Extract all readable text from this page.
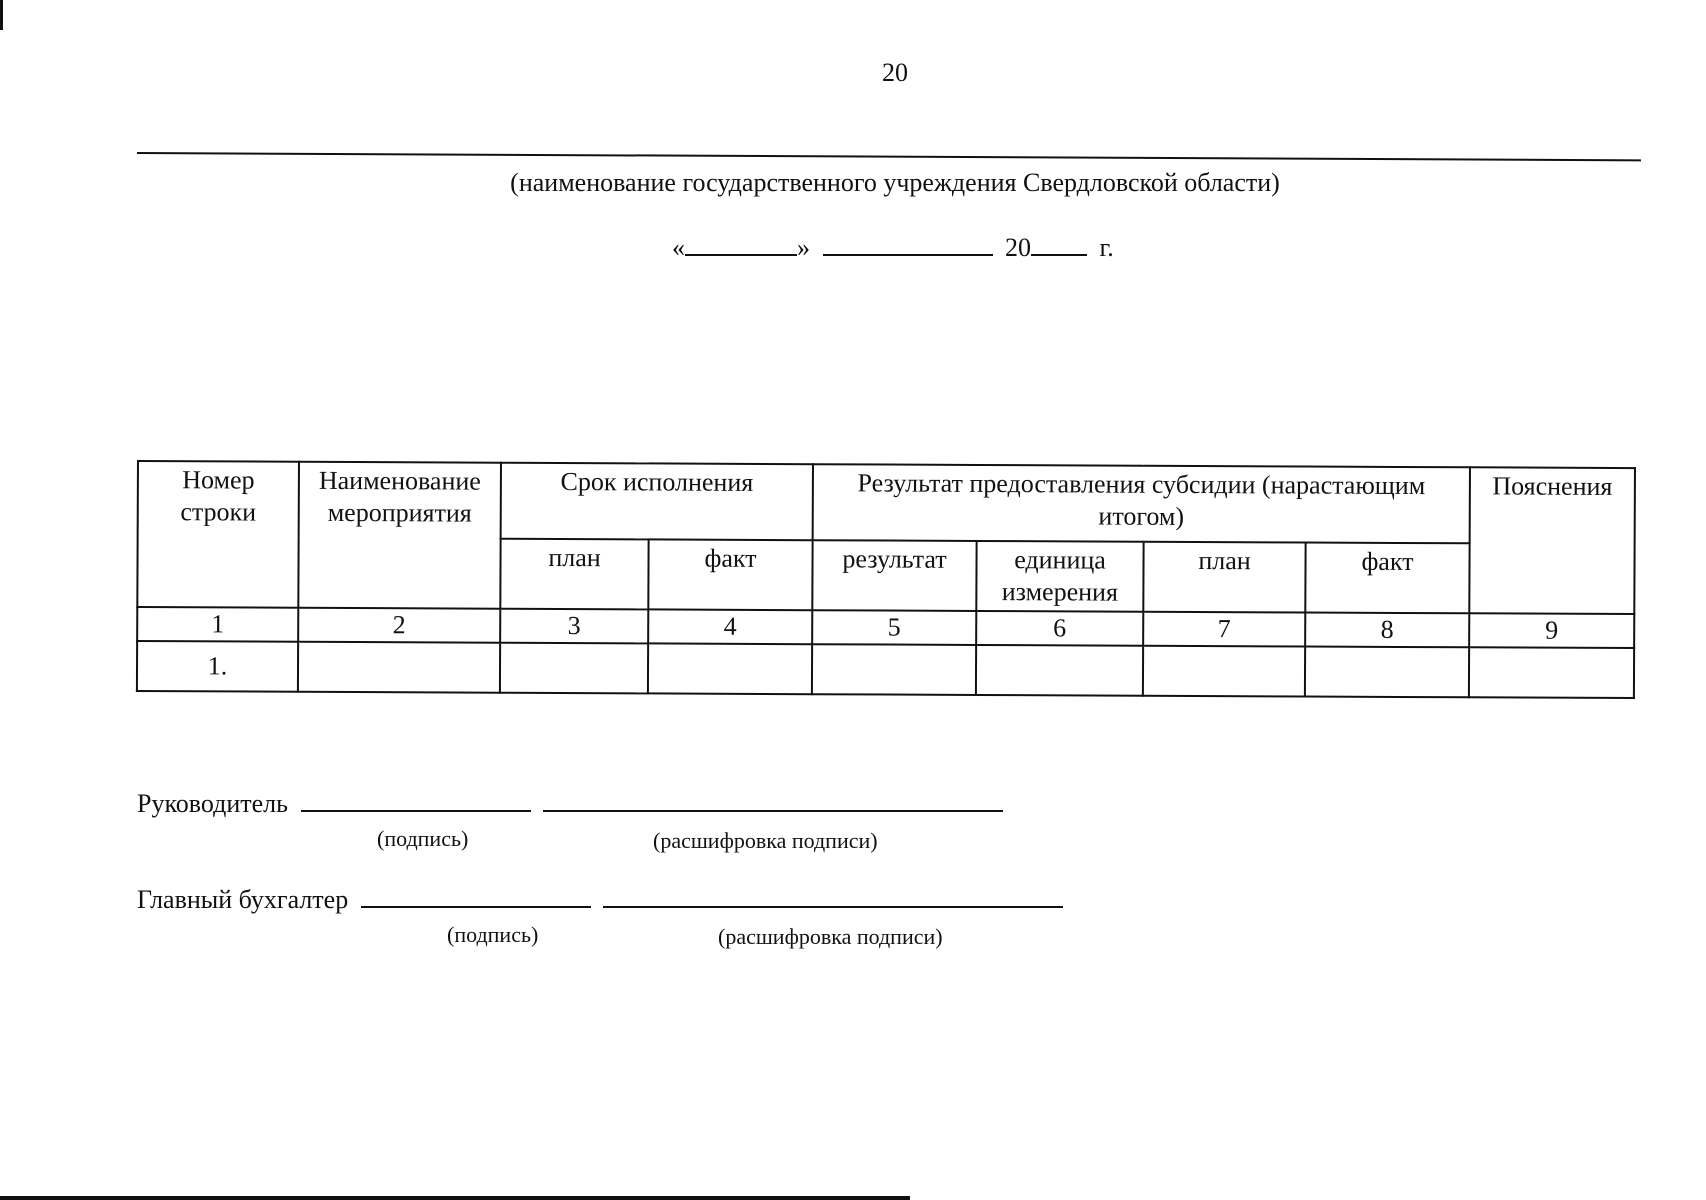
20
(наименование государственного учреждения Свердловской области)
«	»	20	г.
Номер строки	Наименование мероприятия	Срок исполнения		Результат предоставления субсидии (нарастающим итогом)				Пояснения
		план	факт	результат	единица измерения	план	факт	
1	2	3	4	5	6	7	8	9
1.								
Руководитель
(подпись)	(расшифровка подписи)
Главный бухгалтер
(подпись)	(расшифровка подписи)
